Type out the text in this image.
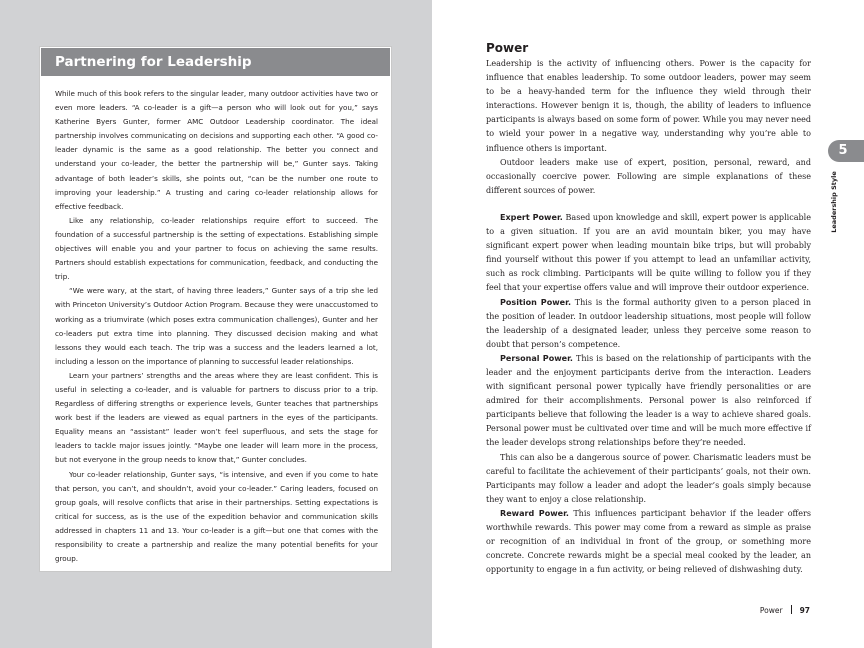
Partnering for Leadership

While much of this book refers to the singular leader, many outdoor activities have two or even more leaders. “A co-leader is a gift—a person who will look out for you,” says Katherine Byers Gunter, former AMC Outdoor Leadership coordinator. The ideal partnership involves communicating on decisions and supporting each other. “A good co-leader dynamic is the same as a good relationship. The better you connect and understand your co-leader, the better the partnership will be,” Gunter says. Taking advantage of both leader’s skills, she points out, “can be the number one route to improving your leadership.” A trusting and caring co-leader relationship allows for effective feedback.

Like any relationship, co-leader relationships require effort to succeed. The foundation of a successful partnership is the setting of expectations. Establishing simple objectives will enable you and your partner to focus on achieving the same results. Partners should establish expectations for communication, feedback, and conducting the trip.

“We were wary, at the start, of having three leaders,” Gunter says of a trip she led with Princeton University’s Outdoor Action Program. Because they were unaccustomed to working as a triumvirate (which poses extra communication challenges), Gunter and her co-leaders put extra time into planning. They discussed decision making and what lessons they would each teach. The trip was a success and the leaders learned a lot, including a lesson on the importance of planning to successful leader relationships.

Learn your partners’ strengths and the areas where they are least confident. This is useful in selecting a co-leader, and is valuable for partners to discuss prior to a trip. Regardless of differing strengths or experience levels, Gunter teaches that partnerships work best if the leaders are viewed as equal partners in the eyes of the participants. Equality means an “assistant” leader won’t feel superfluous, and sets the stage for leaders to tackle major issues jointly. “Maybe one leader will learn more in the process, but not everyone in the group needs to know that,” Gunter concludes.

Your co-leader relationship, Gunter says, “is intensive, and even if you come to hate that person, you can’t, and shouldn’t, avoid your co-leader.” Caring leaders, focused on group goals, will resolve conflicts that arise in their partnerships. Setting expectations is critical for success, as is the use of the expedition behavior and communication skills addressed in chapters 11 and 13. Your co-leader is a gift—but one that comes with the responsibility to create a partnership and realize the many potential benefits for your group.

Power

Leadership is the activity of influencing others. Power is the capacity for influence that enables leadership. To some outdoor leaders, power may seem to be a heavy-handed term for the influence they wield through their interactions. However benign it is, though, the ability of leaders to influence participants is always based on some form of power. While you may never need to wield your power in a negative way, understanding why you’re able to influence others is important.

Outdoor leaders make use of expert, position, personal, reward, and occasionally coercive power. Following are simple explanations of these different sources of power.

Expert Power. Based upon knowledge and skill, expert power is applicable to a given situation. If you are an avid mountain biker, you may have significant expert power when leading mountain bike trips, but will probably find yourself without this power if you attempt to lead an unfamiliar activity, such as rock climbing. Participants will be quite willing to follow you if they feel that your expertise offers value and will improve their outdoor experience.

Position Power. This is the formal authority given to a person placed in the position of leader. In outdoor leadership situations, most people will follow the leadership of a designated leader, unless they perceive some reason to doubt that person’s competence.

Personal Power. This is based on the relationship of participants with the leader and the enjoyment participants derive from the interaction. Leaders with significant personal power typically have friendly personalities or are admired for their accomplishments. Personal power is also reinforced if participants believe that following the leader is a way to achieve shared goals. Personal power must be cultivated over time and will be much more effective if the leader develops strong relationships before they’re needed.

This can also be a dangerous source of power. Charismatic leaders must be careful to facilitate the achievement of their participants’ goals, not their own. Participants may follow a leader and adopt the leader’s goals simply because they want to enjoy a close relationship.

Reward Power. This influences participant behavior if the leader offers worthwhile rewards. This power may come from a reward as simple as praise or recognition of an individual in front of the group, or something more concrete. Concrete rewards might be a special meal cooked by the leader, an opportunity to engage in a fun activity, or being relieved of dishwashing duty.

5
Leadership Style
Power 97
